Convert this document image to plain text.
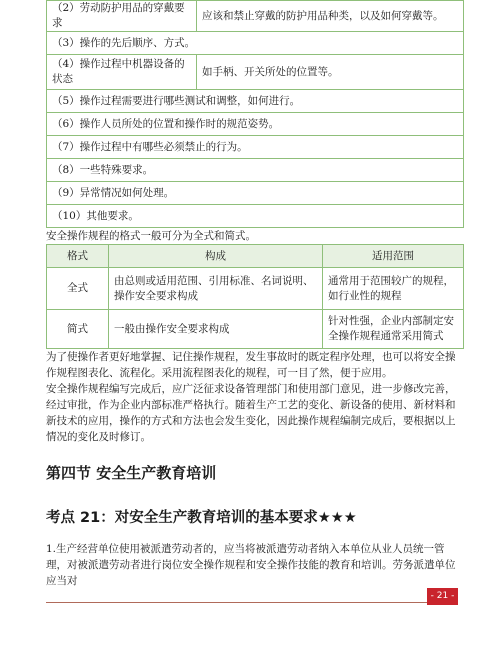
（2）劳动防护用品的穿戴要求	应该和禁止穿戴的防护用品种类，以及如何穿戴等。
（3）操作的先后顺序、方式。	
（4）操作过程中机器设备的状态	如手柄、开关所处的位置等。
（5）操作过程需要进行哪些测试和调整，如何进行。	
（6）操作人员所处的位置和操作时的规范姿势。	
（7）操作过程中有哪些必须禁止的行为。	
（8）一些特殊要求。	
（9）异常情况如何处理。	
（10）其他要求。	

安全操作规程的格式一般可分为全式和简式。

格式	构成	适用范围
全式	由总则或适用范围、引用标准、名词说明、操作安全要求构成	通常用于范围较广的规程，如行业性的规程
简式	一般由操作安全要求构成	针对性强，企业内部制定安全操作规程通常采用简式

为了使操作者更好地掌握、记住操作规程，发生事故时的既定程序处理，也可以将安全操作规程图表化、流程化。采用流程图表化的规程，可一目了然，便于应用。

安全操作规程编写完成后，应广泛征求设备管理部门和使用部门意见，进一步修改完善，经过审批，作为企业内部标准严格执行。随着生产工艺的变化、新设备的使用、新材料和新技术的应用，操作的方式和方法也会发生变化，因此操作规程编制完成后，要根据以上情况的变化及时修订。

第四节 安全生产教育培训
考点 21：对安全生产教育培训的基本要求★★★

1.生产经营单位使用被派遣劳动者的，应当将被派遣劳动者纳入本单位从业人员统一管理，对被派遣劳动者进行岗位安全操作规程和安全操作技能的教育和培训。劳务派遣单位应当对

- 21 -
